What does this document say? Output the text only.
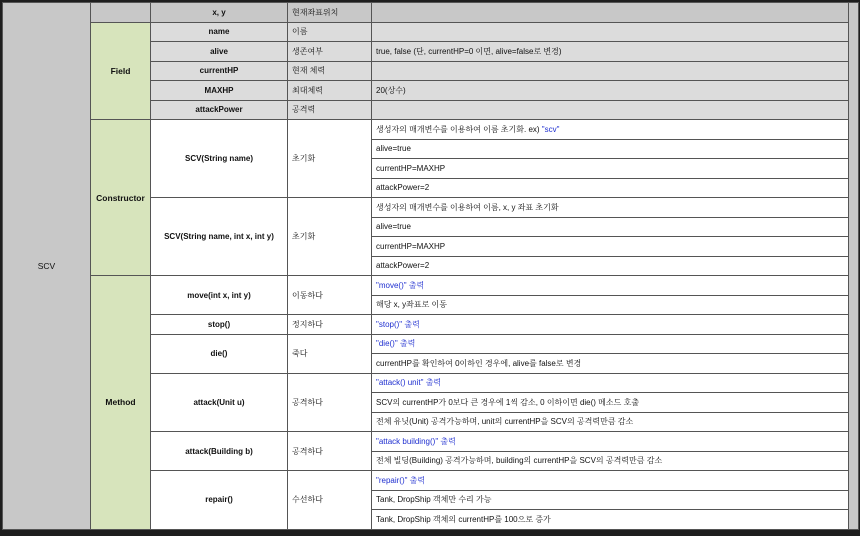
SCV		x, y	현재좌표위치		
	Field	name	이름		
		alive	생존여부	true, false (단, currentHP=0 이면, alive=false로 변경)	
		currentHP	현재 체력		
		MAXHP	최대체력	20(상수)	
		attackPower	공격력		
	Constructor	SCV(String name)	초기화	생성자의 매개변수를 이용하여 이름 초기화. ex) "scv"	
				alive=true	
				currentHP=MAXHP	
				attackPower=2	
		SCV(String name, int x, int y)	초기화	생성자의 매개변수를 이용하여 이름, x, y 좌표 초기화	
				alive=true	
				currentHP=MAXHP	
				attackPower=2	
	Method	move(int x, int y)	이동하다	"move()" 출력	
				해당 x, y좌표로 이동	
		stop()	정지하다	"stop()" 출력	
		die()	죽다	"die()" 출력	
				currentHP를 확인하여 0이하인 경우에, alive를 false로 변경	
		attack(Unit u)	공격하다	"attack() unit" 출력	
				SCV의 currentHP가 0보다 큰 경우에 1씩 감소, 0 이하이면 die() 메소드 호출	
				전체 유닛(Unit) 공격가능하며, unit의 currentHP을 SCV의 공격력만큼 감소	
		attack(Building b)	공격하다	"attack building()" 출력	
				전체 빌딩(Building) 공격가능하며, building의 currentHP을 SCV의 공격력만큼 감소	
		repair()	수선하다	"repair()" 출력	
				Tank, DropShip 객체만 수리 가능	
				Tank, DropShip 객체의 currentHP를 100으로 증가	
